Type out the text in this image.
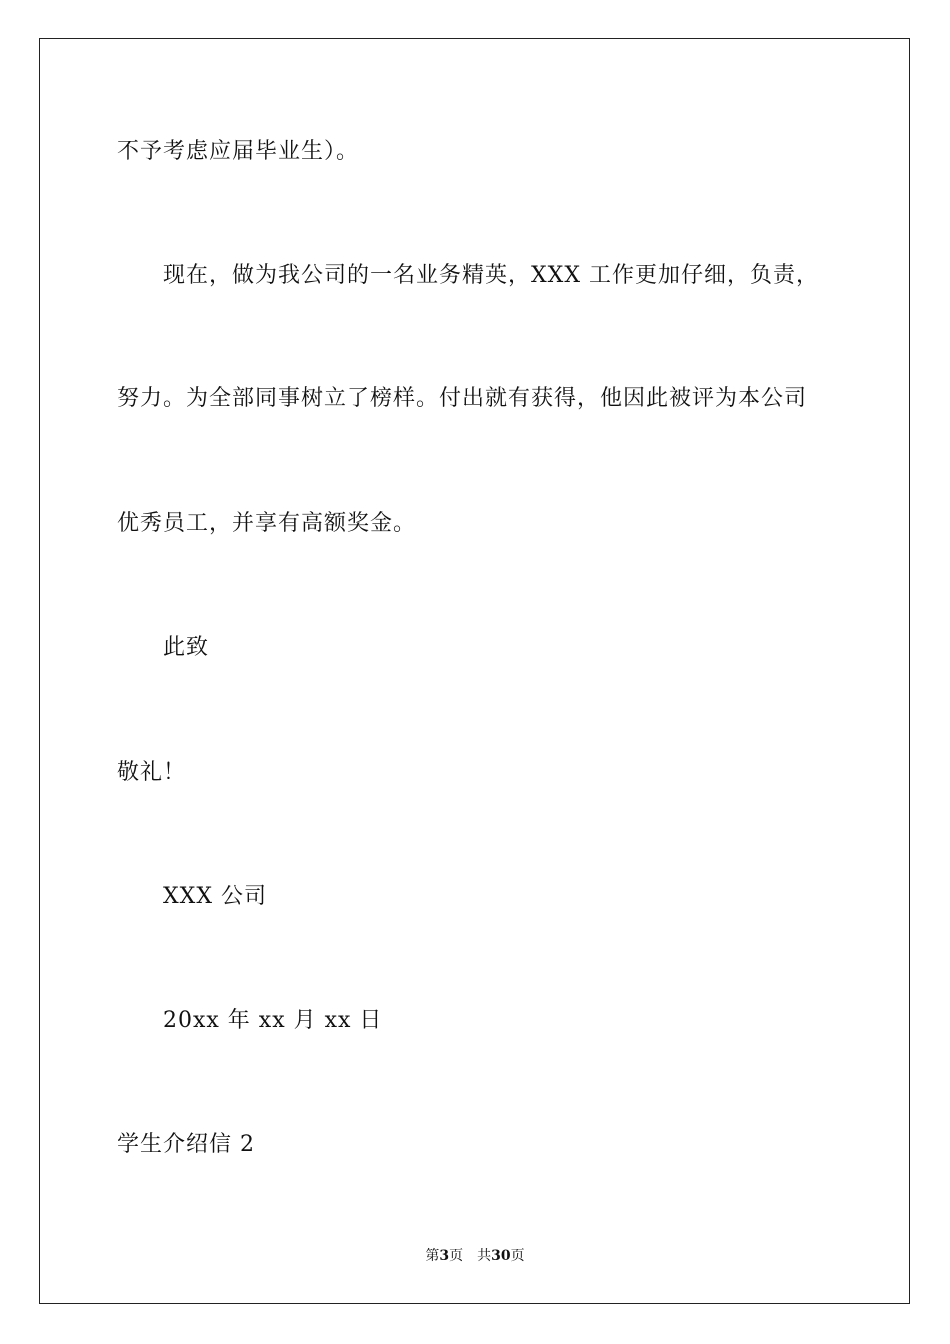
不予考虑应届毕业生）。
现在，做为我公司的一名业务精英，XXX 工作更加仔细，负责，
努力。为全部同事树立了榜样。付出就有获得，他因此被评为本公司
优秀员工，并享有高额奖金。
此致
敬礼！
XXX 公司
20xx 年 xx 月 xx 日
学生介绍信 2
第3页 共30页
